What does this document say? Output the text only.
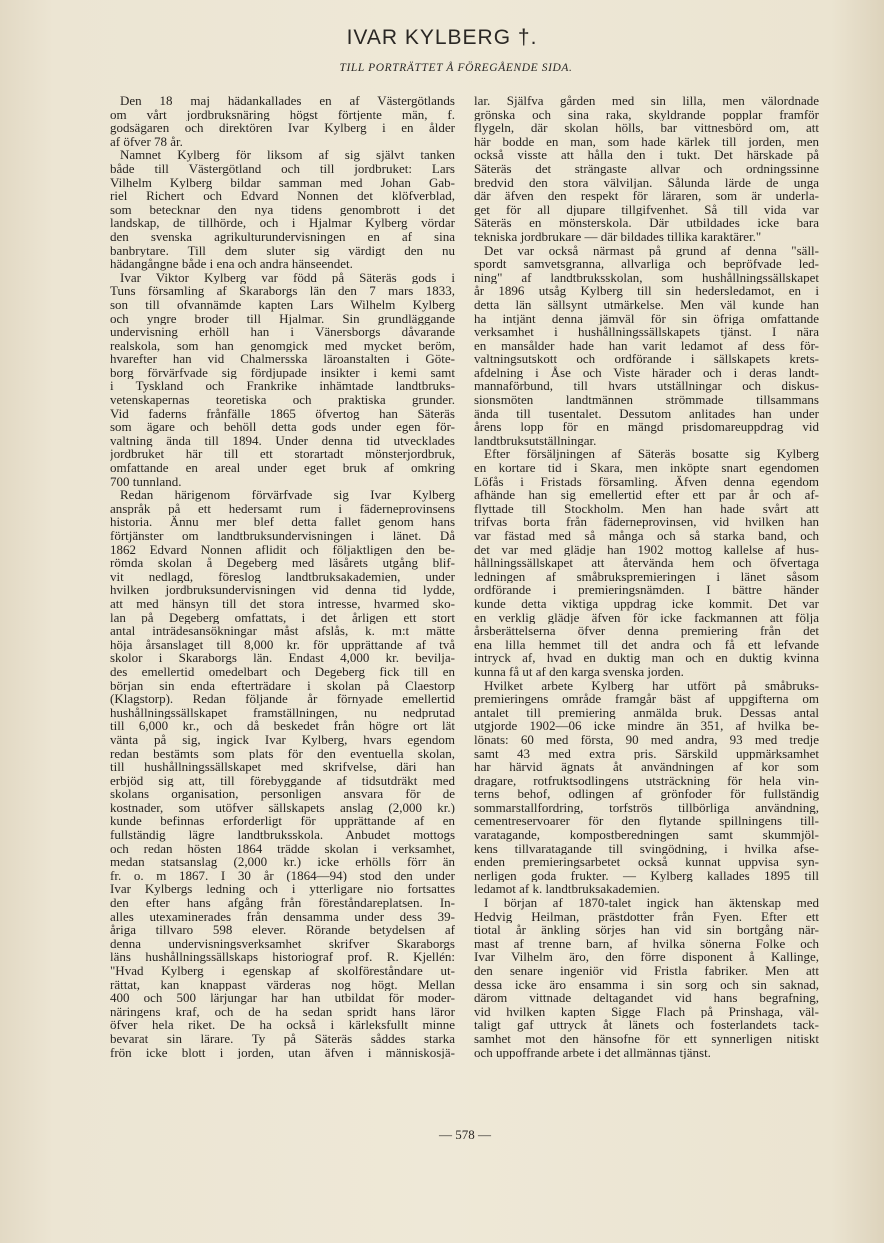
IVAR KYLBERG †.
TILL PORTRÄTTET Å FÖREGÅENDE SIDA.
Den 18 maj hädankallades en af Västergötlands
om vårt jordbruksnäring högst förtjente män, f.
godsägaren och direktören Ivar Kylberg i en ålder
af öfver 78 år.
Namnet Kylberg för liksom af sig självt tanken
både till Västergötland och till jordbruket: Lars
Vilhelm Kylberg bildar samman med Johan Gab-
riel Richert och Edvard Nonnen det klöfverblad,
som betecknar den nya tidens genombrott i det
landskap, de tillhörde, och i Hjalmar Kylberg vördar
den svenska agrikulturundervisningen en af sina
banbrytare. Till dem sluter sig värdigt den nu
hädangångne både i ena och andra hänseendet.
Ivar Viktor Kylberg var född på Säteräs gods i
Tuns församling af Skaraborgs län den 7 mars 1833,
son till ofvannämde kapten Lars Wilhelm Kylberg
och yngre broder till Hjalmar. Sin grundläggande
undervisning erhöll han i Vänersborgs dåvarande
realskola, som han genomgick med mycket beröm,
hvarefter han vid Chalmersska läroanstalten i Göte-
borg förvärfvade sig fördjupade insikter i kemi samt
i Tyskland och Frankrike inhämtade landtbruks-
vetenskapernas teoretiska och praktiska grunder.
Vid faderns frånfälle 1865 öfvertog han Säteräs
som ägare och behöll detta gods under egen för-
valtning ända till 1894. Under denna tid utvecklades
jordbruket här till ett storartadt mönsterjordbruk,
omfattande en areal under eget bruk af omkring
700 tunnland.
Redan härigenom förvärfvade sig Ivar Kylberg
anspråk på ett hedersamt rum i fäderneprovinsens
historia. Ännu mer blef detta fallet genom hans
förtjänster om landtbruksundervisningen i länet. Då
1862 Edvard Nonnen aflidit och följaktligen den be-
römda skolan å Degeberg med läsårets utgång blif-
vit nedlagd, föreslog landtbruksakademien, under
hvilken jordbruksundervisningen vid denna tid lydde,
att med hänsyn till det stora intresse, hvarmed sko-
lan på Degeberg omfattats, i det årligen ett stort
antal inträdesansökningar måst afslås, k. m:t mätte
höja årsanslaget till 8,000 kr. för upprättande af två
skolor i Skaraborgs län. Endast 4,000 kr. bevilja-
des emellertid omedelbart och Degeberg fick till en
början sin enda efterträdare i skolan på Claestorp
(Klagstorp). Redan följande år förnyade emellertid
hushållningssällskapet framställningen, nu nedprutad
till 6,000 kr., och då beskedet från högre ort lät
vänta på sig, ingick Ivar Kylberg, hvars egendom
redan bestämts som plats för den eventuella skolan,
till hushållningssällskapet med skrifvelse, däri han
erbjöd sig att, till förebyggande af tidsutdräkt med
skolans organisation, personligen ansvara för de
kostnader, som utöfver sällskapets anslag (2,000 kr.)
kunde befinnas erforderligt för upprättande af en
fullständig lägre landtbruksskola. Anbudet mottogs
och redan hösten 1864 trädde skolan i verksamhet,
medan statsanslag (2,000 kr.) icke erhölls förr än
fr. o. m 1867. I 30 år (1864—94) stod den under
Ivar Kylbergs ledning och i ytterligare nio fortsattes
den efter hans afgång från föreståndareplatsen. In-
alles utexaminerades från densamma under dess 39-
åriga tillvaro 598 elever. Rörande betydelsen af
denna undervisningsverksamhet skrifver Skaraborgs
läns hushållningssällskaps historiograf prof. R. Kjellén:
"Hvad Kylberg i egenskap af skolföreståndare ut-
rättat, kan knappast värderas nog högt. Mellan
400 och 500 lärjungar har han utbildat för moder-
näringens kraf, och de ha sedan spridt hans läror
öfver hela riket. De ha också i kärleksfullt minne
bevarat sin lärare. Ty på Säteräs såddes starka
frön icke blott i jorden, utan äfven i människosjä-
lar. Själfva gården med sin lilla, men välordnade
grönska och sina raka, skyldrande popplar framför
flygeln, där skolan hölls, bar vittnesbörd om, att
här bodde en man, som hade kärlek till jorden, men
också visste att hålla den i tukt. Det härskade på
Säteräs det strängaste allvar och ordningssinne
bredvid den stora välviljan. Sålunda lärde de unga
där äfven den respekt för läraren, som är underla-
get för all djupare tillgifvenhet. Så till vida var
Säteräs en mönsterskola. Där utbildades icke bara
tekniska jordbrukare — där bildades tillika karaktärer."
Det var också närmast på grund af denna "säll-
spordt samvetsgranna, allvarliga och bepröfvade led-
ning" af landtbruksskolan, som hushållningssällskapet
år 1896 utsåg Kylberg till sin hedersledamot, en i
detta län sällsynt utmärkelse. Men väl kunde han
ha intjänt denna jämväl för sin öfriga omfattande
verksamhet i hushållningssällskapets tjänst. I nära
en mansålder hade han varit ledamot af dess för-
valtningsutskott och ordförande i sällskapets krets-
afdelning i Åse och Viste härader och i deras landt-
mannaförbund, till hvars utställningar och diskus-
sionsmöten landtmännen strömmade tillsammans
ända till tusentalet. Dessutom anlitades han under
årens lopp för en mängd prisdomareuppdrag vid
landtbruksutställningar.
Efter försäljningen af Säteräs bosatte sig Kylberg
en kortare tid i Skara, men inköpte snart egendomen
Löfås i Fristads församling. Äfven denna egendom
afhände han sig emellertid efter ett par år och af-
flyttade till Stockholm. Men han hade svårt att
trifvas borta från fäderneprovinsen, vid hvilken han
var fästad med så många och så starka band, och
det var med glädje han 1902 mottog kallelse af hus-
hållningssällskapet att återvända hem och öfvertaga
ledningen af småbrukspremieringen i länet såsom
ordförande i premieringsnämden. I bättre händer
kunde detta viktiga uppdrag icke kommit. Det var
en verklig glädje äfven för icke fackmannen att följa
årsberättelserna öfver denna premiering från det
ena lilla hemmet till det andra och få ett lefvande
intryck af, hvad en duktig man och en duktig kvinna
kunna få ut af den karga svenska jorden.
Hvilket arbete Kylberg har utfört på småbruks-
premieringens område framgår bäst af uppgifterna om
antalet till premiering anmälda bruk. Dessas antal
utgjorde 1902—06 icke mindre än 351, af hvilka be-
lönats: 60 med första, 90 med andra, 93 med tredje
samt 43 med extra pris. Särskild uppmärksamhet
har härvid ägnats åt användningen af kor som
dragare, rotfruktsodlingens utsträckning för hela vin-
terns behof, odlingen af grönfoder för fullständig
sommarstallfordring, torfströs tillbörliga användning,
cementreservoarer för den flytande spillningens till-
varatagande, kompostberedningen samt skummjöl-
kens tillvaratagande till svingödning, i hvilka afse-
enden premieringsarbetet också kunnat uppvisa syn-
nerligen goda frukter. — Kylberg kallades 1895 till
ledamot af k. landtbruksakademien.
I början af 1870-talet ingick han äktenskap med
Hedvig Heilman, prästdotter från Fyen. Efter ett
tiotal år änkling sörjes han vid sin bortgång när-
mast af trenne barn, af hvilka sönerna Folke och
Ivar Vilhelm äro, den förre disponent å Kallinge,
den senare ingeniör vid Fristla fabriker. Men att
dessa icke äro ensamma i sin sorg och sin saknad,
därom vittnade deltagandet vid hans begrafning,
vid hvilken kapten Sigge Flach på Prinshaga, väl-
taligt gaf uttryck åt länets och fosterlandets tack-
samhet mot den hänsofne för ett synnerligen nitiskt
och uppoffrande arbete i det allmännas tjänst.
— 578 —
